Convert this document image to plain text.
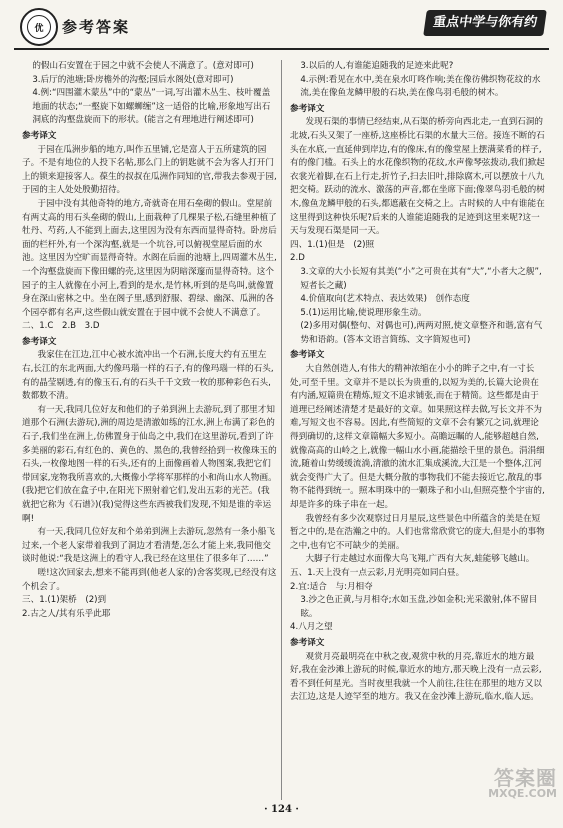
优	参考答案	重点中学与你有约

的假山石安置在于园之中就不会使人不满意了。(意对即可)

3.后厅的池塘;卧房檐外的沟壑;园后水阁处(意对即可)

4.例:“四围灌木蒙丛”中的“蒙丛”一词,写出灌木丛生、枝叶覆盖地面的状态;“一壑旋下如螺蛳缠”这一适俗的比喻,形象地写出石洞底的沟壑盘旋而下的形状。(能言之有理地进行阐述即可)

参考译文

于园在瓜洲步船的地方,叫作五里铺,它是富人于五所建筑的园子。不是有地位的人投下名帖,那么门上的钥匙就不会为客人打开门上的锁来迎接客人。葆生的叔叔在瓜洲作同知的官,带我去参观于园,于园的主人处处殷勤招待。

于园中没有其他奇特的地方,奇就奇在用石垒砌的假山。堂屋前有两丈高的用石头垒砌的假山,上面栽种了几棵果子松,石缝里种植了牡丹、芍药,人不能到上面去,这里因为没有东西而显得奇特。卧房后面的栏杆外,有一个深沟壑,就是一个坑谷,可以俯视堂屋后面的水池。这里因为空旷而显得奇特。水阁在后面的池塘上,四周灌木丛生,一个沟壑盘旋而下像田螺的壳,这里因为阴暗深邃而显得奇特。这个园子的主人就像在小河上,看到的是水,是竹林,听到的是鸟叫,就像置身在深山密林之中。坐在阁子里,感到舒服、碧绿、幽深、瓜洲的各个园亭都有名声,这些假山就安置在于园中就不会使人不满意了。

二、1.C　2.B　3.D

参考译文

我家住在江边,江中心被水流冲出一个石洲,长度大约有五里左右,长江的东北两面,大约像玛瑙一样的石子,有的像玛瑙一样的石头,有的晶莹剔透,有的像玉石,有的石头千千文致一枚的那种彩色石头,数都数不清。

有一天,我同几位好友和他们的子弟到洲上去游玩,到了那里才知道那个石洲(去游玩),洲的周边是清澈如练的江水,洲上布满了彩色的石子,我们坐在洲上,仿佛置身于仙岛之中,我们在这里游玩,看到了许多美丽的彩石,有红色的、黄色的、黑色的,我曾经拾到一枚像珠玉的石头,一枚像地图一样的石头,还有的上面像画着人物图案,我把它们带回家,宠物我所喜欢的,大概像小学将军那样的小和尚山水人物画。(我)把它们放在盒子中,在阳光下照射着它们,发出五彩的光芒。(我就把它称为《石谱》)(我)觉得这些东西被我们发现,不知是谁的幸运啊!

有一天,我同几位好友和个弟弟到洲上去游玩,忽然有一条小船飞过来,一个老人家带着我到了洞边才看清楚,怎么才能上来,我同他交谈时他说:“我是这洲上的看守人,我已经在这里住了很多年了……”

嗟!这次回家去,想来不能再到(他老人家的)舍客奖现,已经没有这个机会了。

三、1.(1)架桥　(2)到

2.古之人/其有乐乎此耶

3.以后的人,有谁能追随我的足迹来此呢?

4.示例:看见在水中,美在泉水叮咚作响;美在像彷佛织物花纹的水流,美在像鱼龙鳞甲般的石块,美在像鸟羽毛般的树木。

参考译文

发现石渠的事情已经结束,从石渠的桥旁向西北走,一直到石洞的北坡,石头又架了一座桥,这座桥比石渠的水量大三倍。接连不断的石头在水底,一直延伸到岸边,有的像床,有的像堂屋上摆满菜肴的样子,有的像门槛。石头上的水花像织物的花纹,水声像琴弦拨动,我们掀起衣裳光着脚,在石上行走,折竹子,扫去旧叶,排除腐木,可以摆放十八九把交椅。跃动的流水、激荡的声音,都在坐席下面;像翠鸟羽毛般的树木,像鱼龙鳞甲般的石头,都遮蔽在交椅之上。古时候的人中有谁能在这里得到这种快乐呢?后来的人谁能追随我的足迹到这里来呢?这一天与发现石渠是同一天。

四、1.(1)但是　(2)照

2.D

3.文章的大小长短有其美(“小”之可贵在其有“大”,“小者大之舰”,短者长之藏)

4.价值取向(艺术特点、表达效果)　创作态度

5.(1)运用比喻,使说理形象生动。

(2)多用对偶(整句、对偶也可),两两对照,使文章整齐和谐,富有气势和语韵。(答本文语言简练、文字简短也可)

参考译文

大自然创造人,有伟大的精神浓缩在小小的眸子之中,有一寸长处,可至千里。文章并不是以长为贵重的,以短为美的,长篇大论贵在有内涵,短篇贵在精炼,短文不追求铺张,而在于精简。这些都是由于道理已经阐述清楚才是最好的文章。如果照这样去做,写长文并不为难,写短文也不容易。因此,有些简短的文章不会有繁冗之词,就理论得到确切的,这样文章篇幅大多短小。高瞻远瞩的人,能够超越自然,就像高高的山岭之上,就像一幅山水小画,能描绘千里的景色。涓涓细流,随着山势缓缓流淌,清澈的流水汇集成溪流,大江是一个整体,江河就会变得广大了。但是大概分散的事物我们不能去接近它,散乱的事物不能得到统一。照本明珠中的一颗珠子和小山,但照亮整个宇宙的,却是许多的珠子串在一起。

我曾经有多少次观察过日月星辰,这些景色中所蕴含的美是在短暂之中的,是在浩瀚之中的。人们也常常欣赏它的庞大,但是小的事物之中,也有它不可缺少的美丽。

大脚子行走越过水面像大鸟飞翔,广西有大灰,蛙能够飞越山。

五、1.天上没有一点云彩,月光明亮如同白昼。

2.宜:适合　与:月相夺

3.沙之色正黄,与月相夺;水如玉盘,沙如金积;光采激射,体不留目眩。

4.八月之望

参考译文

观赏月亮最明亮在中秋之夜,观赏中秋的月亮,靠近水的地方最好,我在金沙滩上游玩的时候,靠近水的地方,那天晚上没有一点云彩,看不到任何星光。当时夜里我就一个人前往,往往在那里的地方又以去江边,这是人迹罕至的地方。我又在金沙滩上游玩,临水,临人远。

· 124 ·
答案圈
MXQE.COM
